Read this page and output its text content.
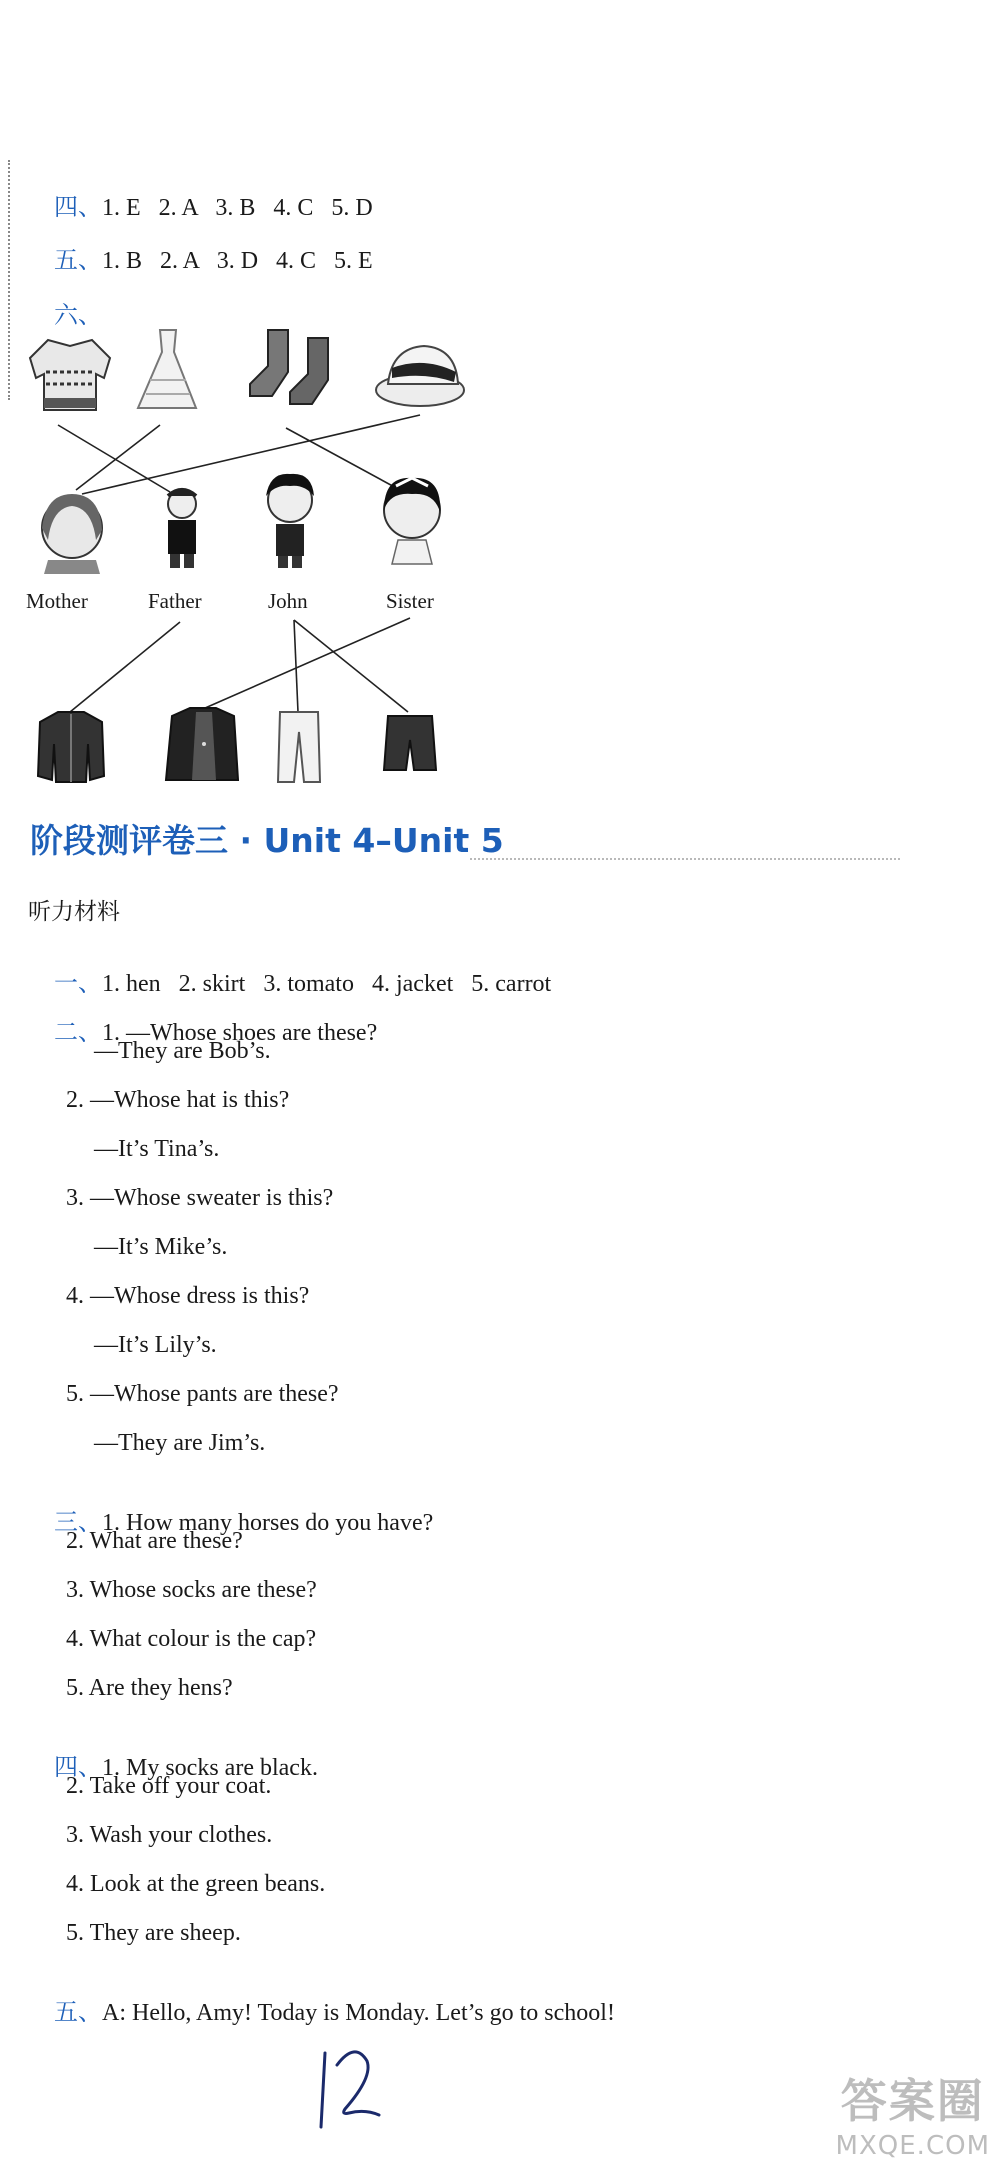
四、1. E   2. A   3. B   4. C   5. D

五、1. B   2. A   3. D   4. C   5. E

六、

Mother	Father	John	Sister
阶段测评卷三 · Unit 4–Unit 5
听力材料

一、1. hen   2. skirt   3. tomato   4. jacket   5. carrot

二、1. —Whose shoes are these?

—They are Bob’s.
2. —Whose hat is this?
—It’s Tina’s.
3. —Whose sweater is this?
—It’s Mike’s.
4. —Whose dress is this?
—It’s Lily’s.
5. —Whose pants are these?
—They are Jim’s.

三、1. How many horses do you have?

2. What are these?
3. Whose socks are these?
4. What colour is the cap?
5. Are they hens?

四、1. My socks are black.

2. Take off your coat.
3. Wash your clothes.
4. Look at the green beans.
5. They are sheep.

五、A: Hello, Amy! Today is Monday. Let’s go to school!

答案圈
MXQE.COM
